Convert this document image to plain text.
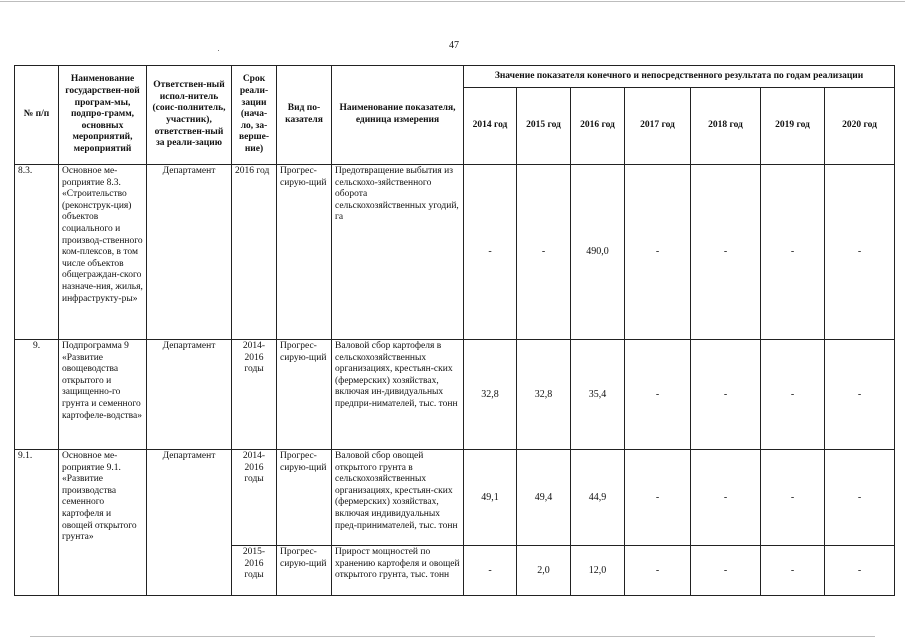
47
№ п/п	Наименование государствен-ной програм-мы, подпро-грамм, основных мероприятий, мероприятий	Ответствен-ный испол-нитель (соис-полнитель, участник), ответствен-ный за реали-зацию	Срок реали-зации (нача-ло, за-верше-ние)	Вид по-казателя	Наименование показателя, единица измерения	Значение показателя конечного и непосредственного результата по годам реализации						
						2014 год	2015 год	2016 год	2017 год	2018 год	2019 год	2020 год
8.3.	Основное ме-роприятие 8.3. «Строительство (реконструк-ция) объектов социального и производ-ственного ком-плексов, в том числе объектов общеграждан-ского назначе-ния, жилья, инфраструкту-ры»	Департамент	2016 год	Прогрес-сирую-щий	Предотвращение выбытия из сельскохо-зяйственного оборота сельскохозяйственных угодий, га	-	-	490,0	-	-	-	-
9.	Подпрограмма 9 «Развитие овощеводства открытого и защищенно-го грунта и семенного картофеле-водства»	Департамент	2014-2016 годы	Прогрес-сирую-щий	Валовой сбор картофеля в сельскохозяйственных организациях, крестьян-ских (фермерских) хозяйствах, включая ин-дивидуальных предпри-нимателей, тыс. тонн	32,8	32,8	35,4	-	-	-	-
9.1.	Основное ме-роприятие 9.1. «Развитие производства семенного картофеля и овощей открытого грунта»	Департамент	2014-2016 годы	Прогрес-сирую-щий	Валовой сбор овощей открытого грунта в сельскохозяйственных организациях, крестьян-ских (фермерских) хозяйствах, включая индивидуальных пред-принимателей, тыс. тонн	49,1	49,4	44,9	-	-	-	-
			2015-2016 годы	Прогрес-сирую-щий	Прирост мощностей по хранению картофеля и овощей открытого грунта, тыс. тонн	-	2,0	12,0	-	-	-	-
